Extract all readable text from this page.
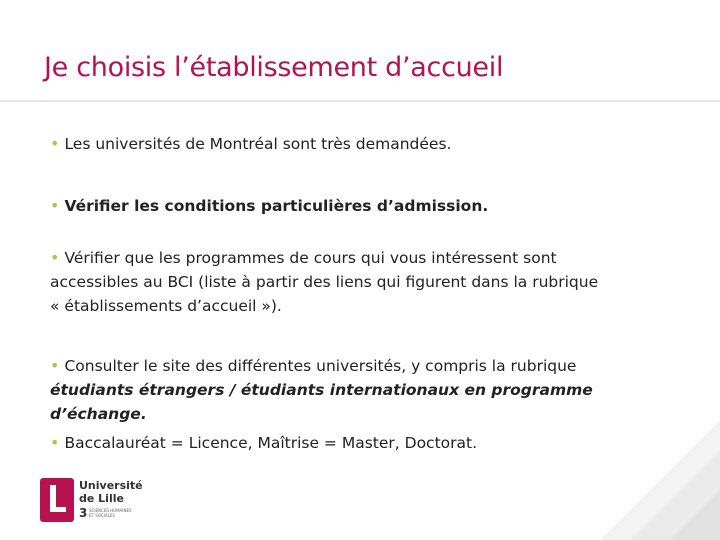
Je choisis l’établissement d’accueil
• Les universités de Montréal sont très demandées.
• Vérifier les conditions particulières d’admission.
• Vérifier que les programmes de cours qui vous intéressent sont
accessibles au BCI (liste à partir des liens qui figurent dans la rubrique
« établissements d’accueil »).
• Consulter le site des différentes universités, y compris la rubrique
étudiants étrangers / étudiants internationaux en programme d’échange.
• Baccalauréat = Licence, Maîtrise = Master, Doctorat.
Université
de Lille
3 SCIENCES HUMAINES
ET SOCIALES
